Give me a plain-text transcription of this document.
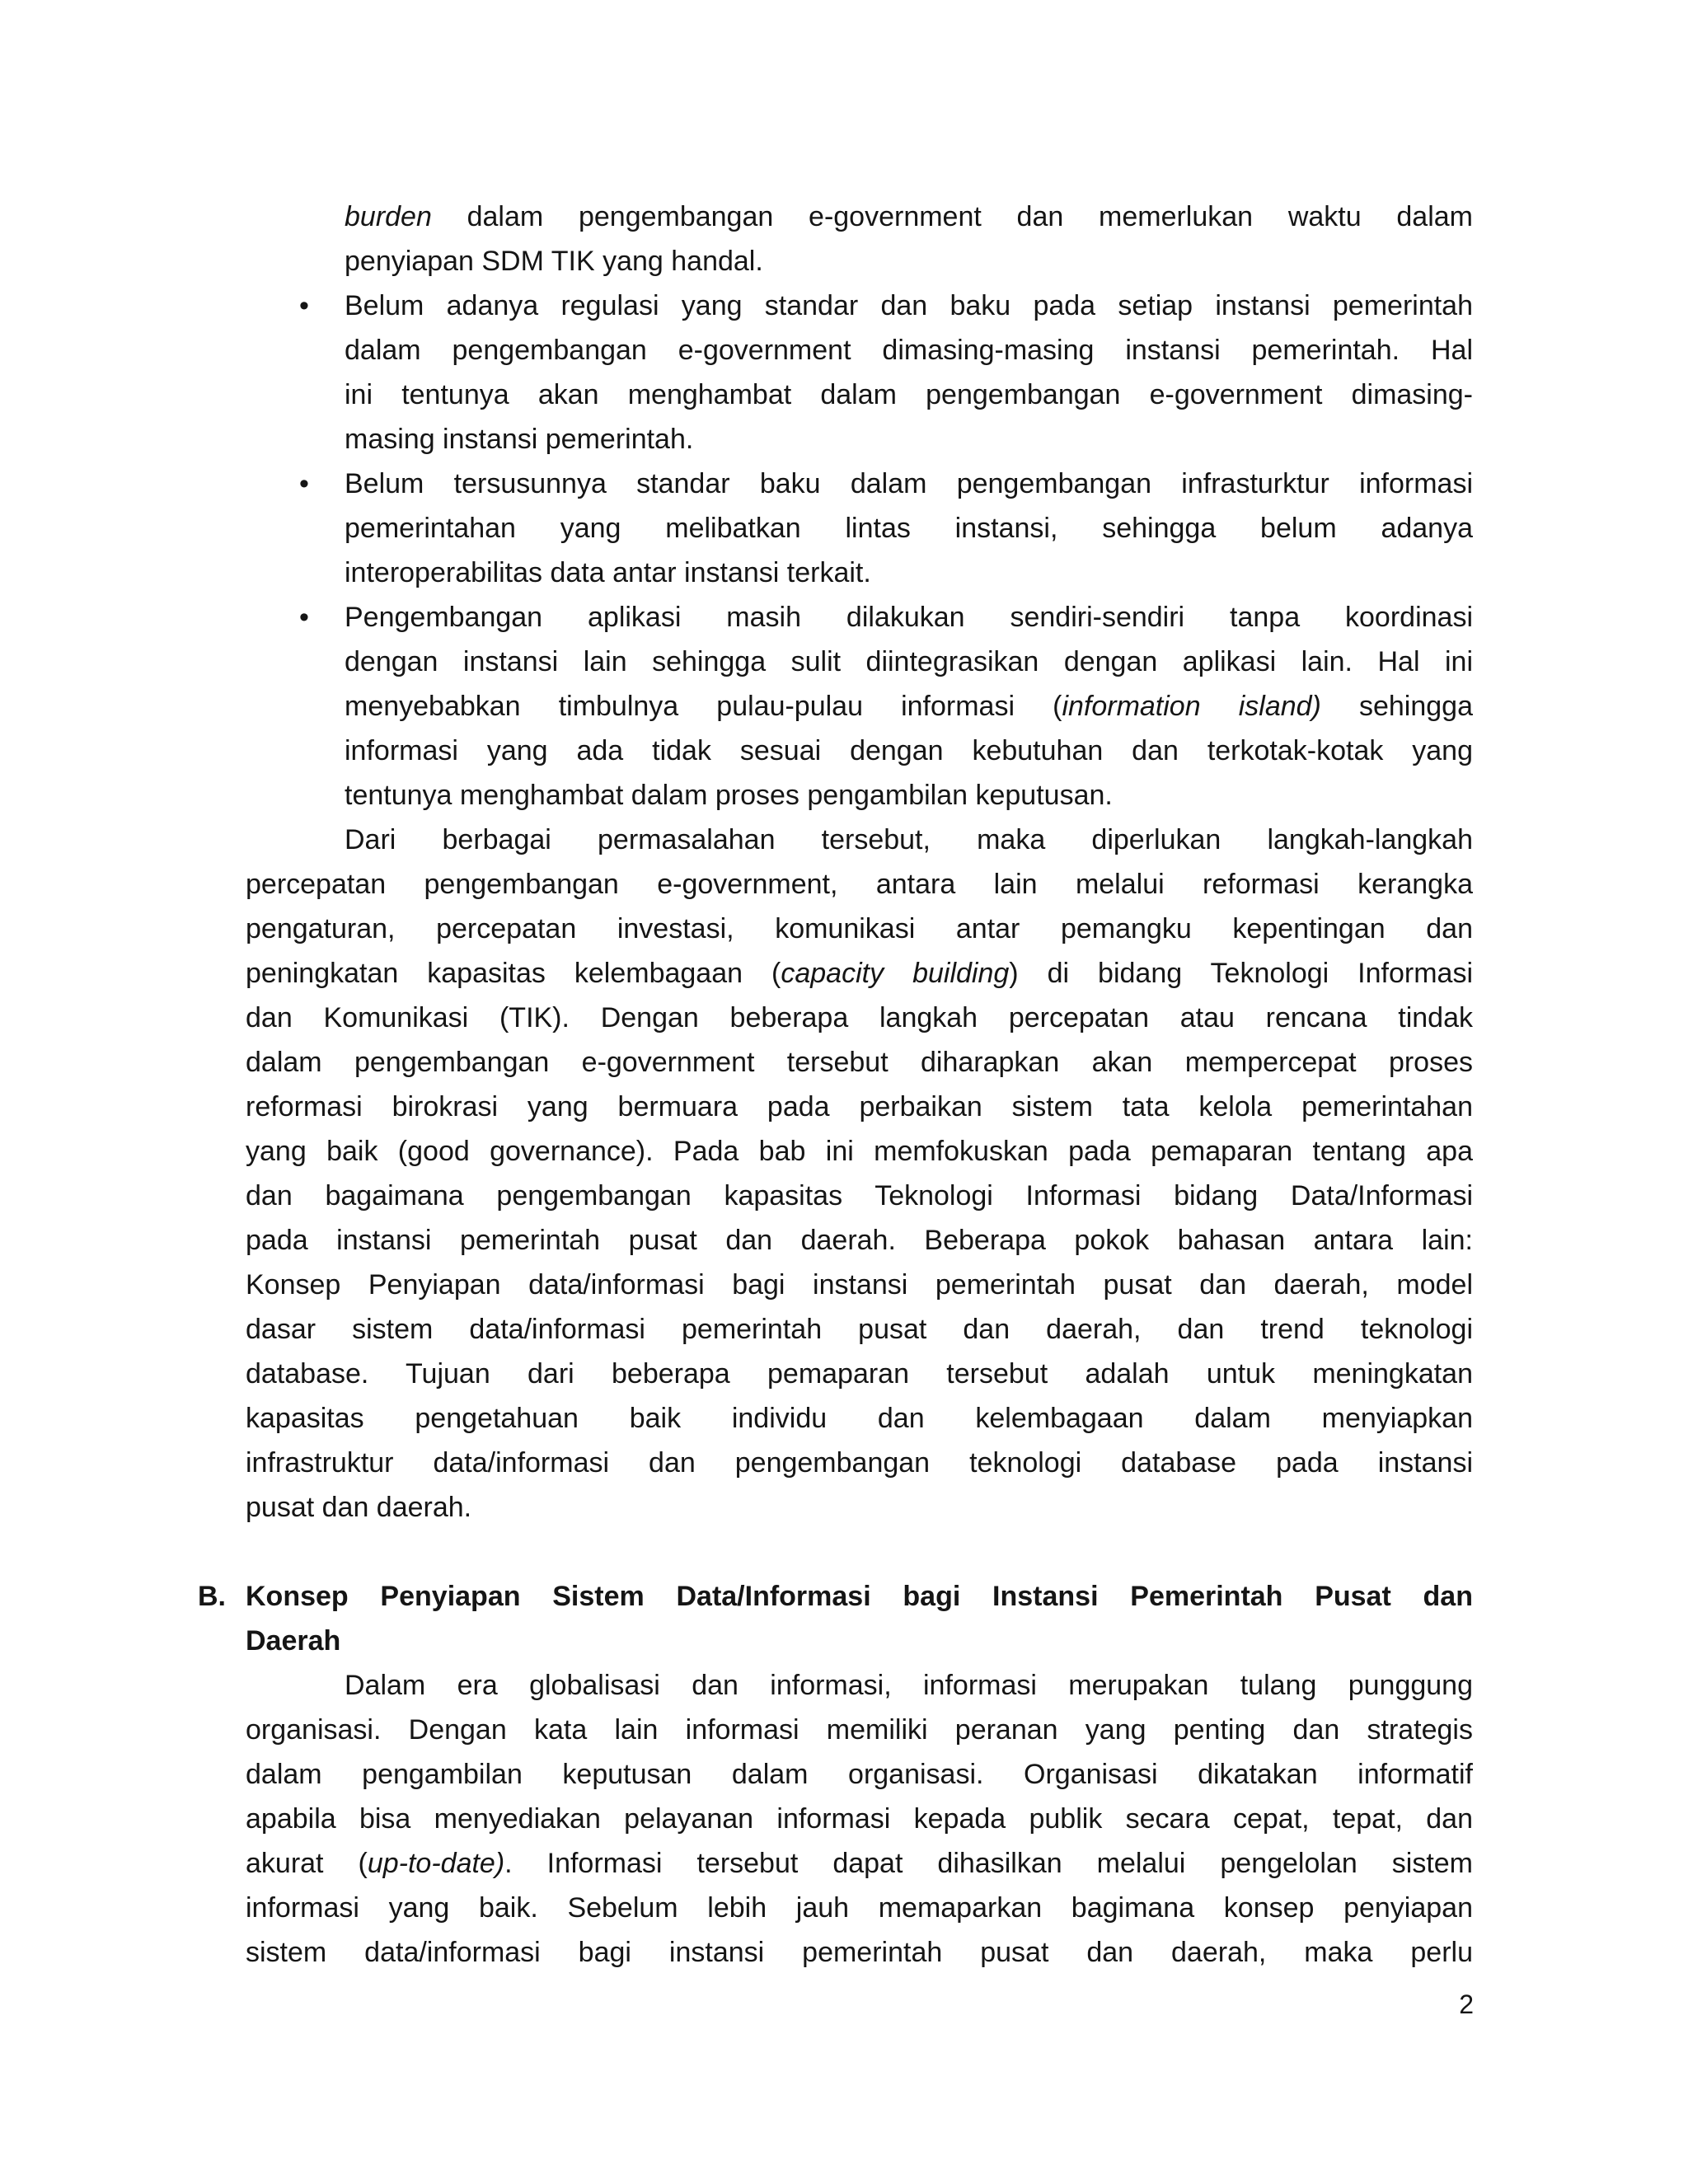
burden dalam pengembangan e-government dan memerlukan waktu dalam
penyiapan SDM TIK yang handal.
• Belum adanya regulasi yang standar dan baku pada setiap instansi pemerintah
dalam pengembangan e-government dimasing-masing instansi pemerintah. Hal
ini tentunya akan menghambat dalam pengembangan e-government dimasing-
masing instansi pemerintah.
• Belum tersusunnya standar baku dalam pengembangan infrasturktur informasi
pemerintahan yang melibatkan lintas instansi, sehingga belum adanya
interoperabilitas data antar instansi terkait.
• Pengembangan aplikasi masih dilakukan sendiri-sendiri tanpa koordinasi
dengan instansi lain sehingga sulit diintegrasikan dengan aplikasi lain. Hal ini
menyebabkan timbulnya pulau-pulau informasi (information island) sehingga
informasi yang ada tidak sesuai dengan kebutuhan dan terkotak-kotak yang
tentunya menghambat dalam proses pengambilan keputusan.
Dari berbagai permasalahan tersebut, maka diperlukan langkah-langkah
percepatan pengembangan e-government, antara lain melalui reformasi kerangka
pengaturan, percepatan investasi, komunikasi antar pemangku kepentingan dan
peningkatan kapasitas kelembagaan (capacity building) di bidang Teknologi Informasi
dan Komunikasi (TIK). Dengan beberapa langkah percepatan atau rencana tindak
dalam pengembangan e-government tersebut diharapkan akan mempercepat proses
reformasi birokrasi yang bermuara pada perbaikan sistem tata kelola pemerintahan
yang baik (good governance). Pada bab ini memfokuskan pada pemaparan tentang apa
dan bagaimana pengembangan kapasitas Teknologi Informasi bidang Data/Informasi
pada instansi pemerintah pusat dan daerah. Beberapa pokok bahasan antara lain:
Konsep Penyiapan data/informasi bagi instansi pemerintah pusat dan daerah, model
dasar sistem data/informasi pemerintah pusat dan daerah, dan trend teknologi
database. Tujuan dari beberapa pemaparan tersebut adalah untuk meningkatan
kapasitas pengetahuan baik individu dan kelembagaan dalam menyiapkan
infrastruktur data/informasi dan pengembangan teknologi database pada instansi
pusat dan daerah.
B. Konsep Penyiapan Sistem Data/Informasi bagi Instansi Pemerintah Pusat dan
Daerah
Dalam era globalisasi dan informasi, informasi merupakan tulang punggung
organisasi. Dengan kata lain informasi memiliki peranan yang penting dan strategis
dalam pengambilan keputusan dalam organisasi. Organisasi dikatakan informatif
apabila bisa menyediakan pelayanan informasi kepada publik secara cepat, tepat, dan
akurat (up-to-date). Informasi tersebut dapat dihasilkan melalui pengelolan sistem
informasi yang baik. Sebelum lebih jauh memaparkan bagimana konsep penyiapan
sistem data/informasi bagi instansi pemerintah pusat dan daerah, maka perlu
2
